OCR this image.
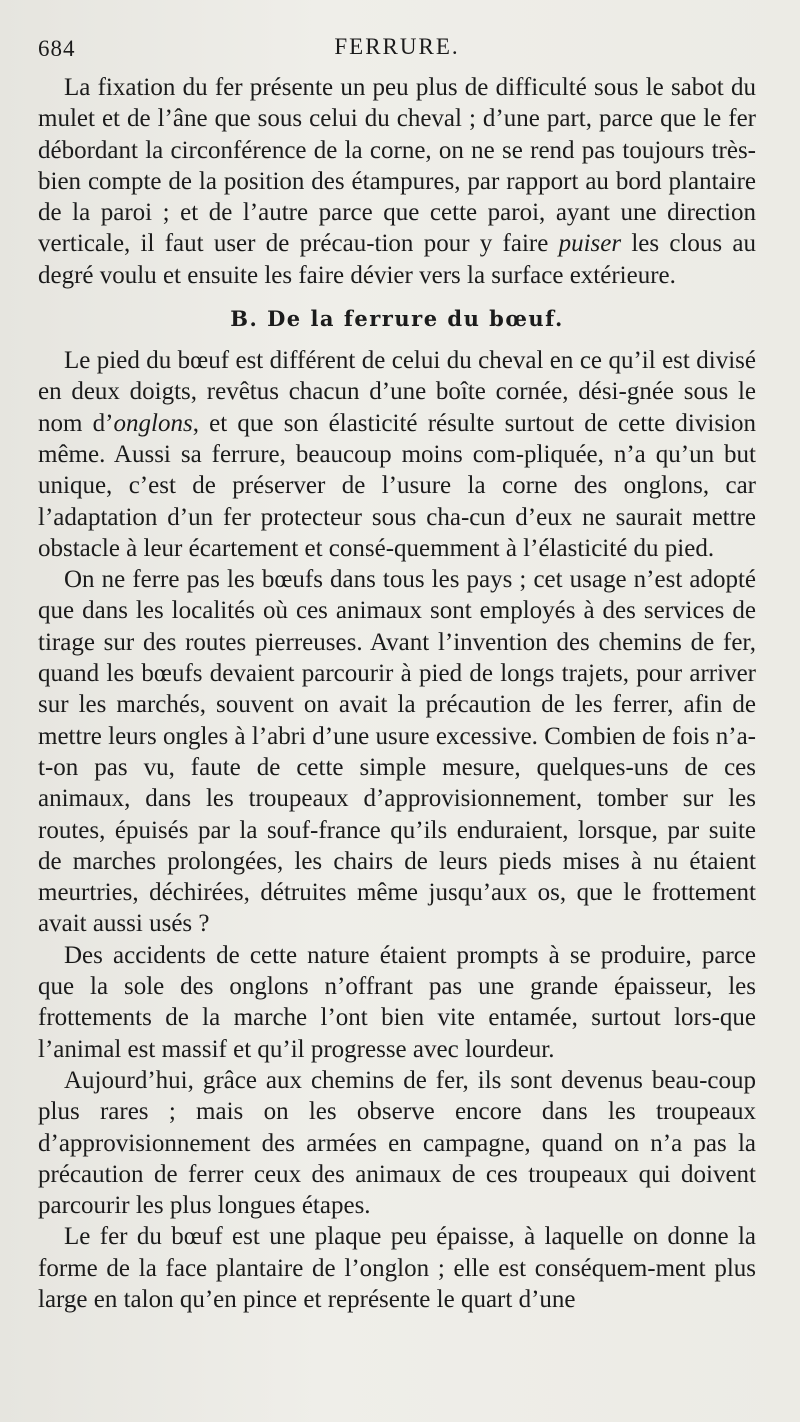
684	FERRURE.

La fixation du fer présente un peu plus de difficulté sous le sabot du mulet et de l’âne que sous celui du cheval ; d’une part, parce que le fer débordant la circonférence de la corne, on ne se rend pas toujours très-bien compte de la position des étampures, par rapport au bord plantaire de la paroi ; et de l’autre parce que cette paroi, ayant une direction verticale, il faut user de précau-tion pour y faire puiser les clous au degré voulu et ensuite les faire dévier vers la surface extérieure.

B. De la ferrure du bœuf.

Le pied du bœuf est différent de celui du cheval en ce qu’il est divisé en deux doigts, revêtus chacun d’une boîte cornée, dési-gnée sous le nom d’onglons, et que son élasticité résulte surtout de cette division même. Aussi sa ferrure, beaucoup moins com-pliquée, n’a qu’un but unique, c’est de préserver de l’usure la corne des onglons, car l’adaptation d’un fer protecteur sous cha-cun d’eux ne saurait mettre obstacle à leur écartement et consé-quemment à l’élasticité du pied.

On ne ferre pas les bœufs dans tous les pays ; cet usage n’est adopté que dans les localités où ces animaux sont employés à des services de tirage sur des routes pierreuses. Avant l’invention des chemins de fer, quand les bœufs devaient parcourir à pied de longs trajets, pour arriver sur les marchés, souvent on avait la précaution de les ferrer, afin de mettre leurs ongles à l’abri d’une usure excessive. Combien de fois n’a-t-on pas vu, faute de cette simple mesure, quelques-uns de ces animaux, dans les troupeaux d’approvisionnement, tomber sur les routes, épuisés par la souf-france qu’ils enduraient, lorsque, par suite de marches prolongées, les chairs de leurs pieds mises à nu étaient meurtries, déchirées, détruites même jusqu’aux os, que le frottement avait aussi usés ?

Des accidents de cette nature étaient prompts à se produire, parce que la sole des onglons n’offrant pas une grande épaisseur, les frottements de la marche l’ont bien vite entamée, surtout lors-que l’animal est massif et qu’il progresse avec lourdeur.

Aujourd’hui, grâce aux chemins de fer, ils sont devenus beau-coup plus rares ; mais on les observe encore dans les troupeaux d’approvisionnement des armées en campagne, quand on n’a pas la précaution de ferrer ceux des animaux de ces troupeaux qui doivent parcourir les plus longues étapes.

Le fer du bœuf est une plaque peu épaisse, à laquelle on donne la forme de la face plantaire de l’onglon ; elle est conséquem-ment plus large en talon qu’en pince et représente le quart d’une
